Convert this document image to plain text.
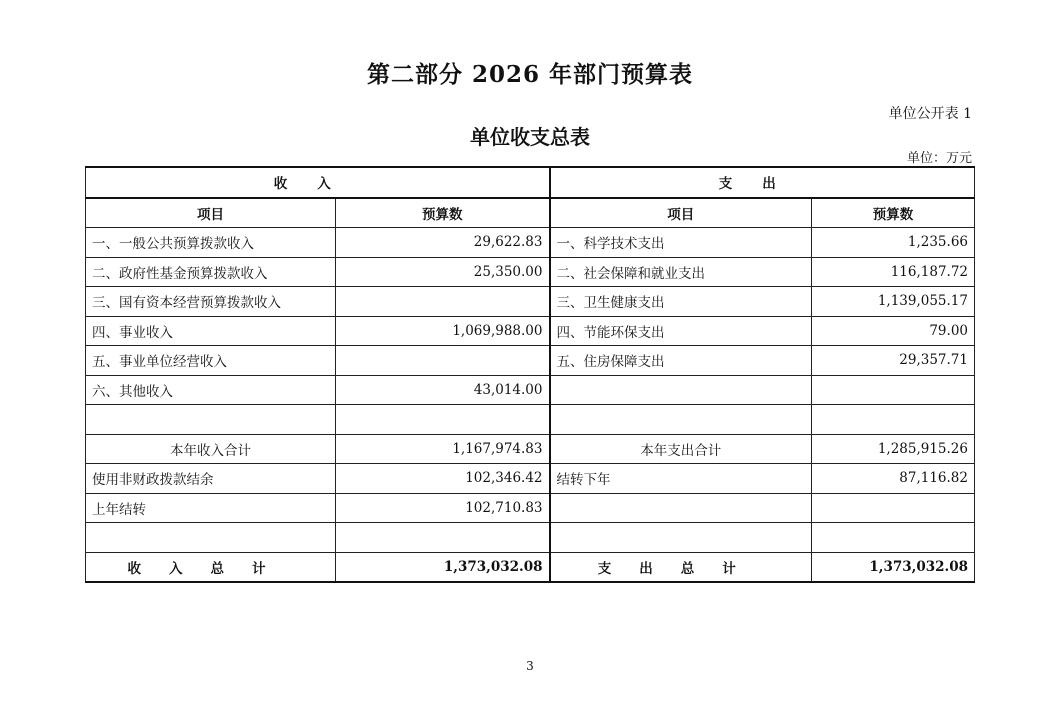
第二部分 2026 年部门预算表
单位公开表 1
单位收支总表
单位：万元
收入		支出	
项目	预算数	项目	预算数
一、一般公共预算拨款收入	29,622.83	一、科学技术支出	1,235.66
二、政府性基金预算拨款收入	25,350.00	二、社会保障和就业支出	116,187.72
三、国有资本经营预算拨款收入		三、卫生健康支出	1,139,055.17
四、事业收入	1,069,988.00	四、节能环保支出	79.00
五、事业单位经营收入		五、住房保障支出	29,357.71
六、其他收入	43,014.00		

本年收入合计	1,167,974.83	本年支出合计	1,285,915.26
使用非财政拨款结余	102,346.42	结转下年	87,116.82
上年结转	102,710.83		

收入总计	1,373,032.08	支出总计	1,373,032.08
3
